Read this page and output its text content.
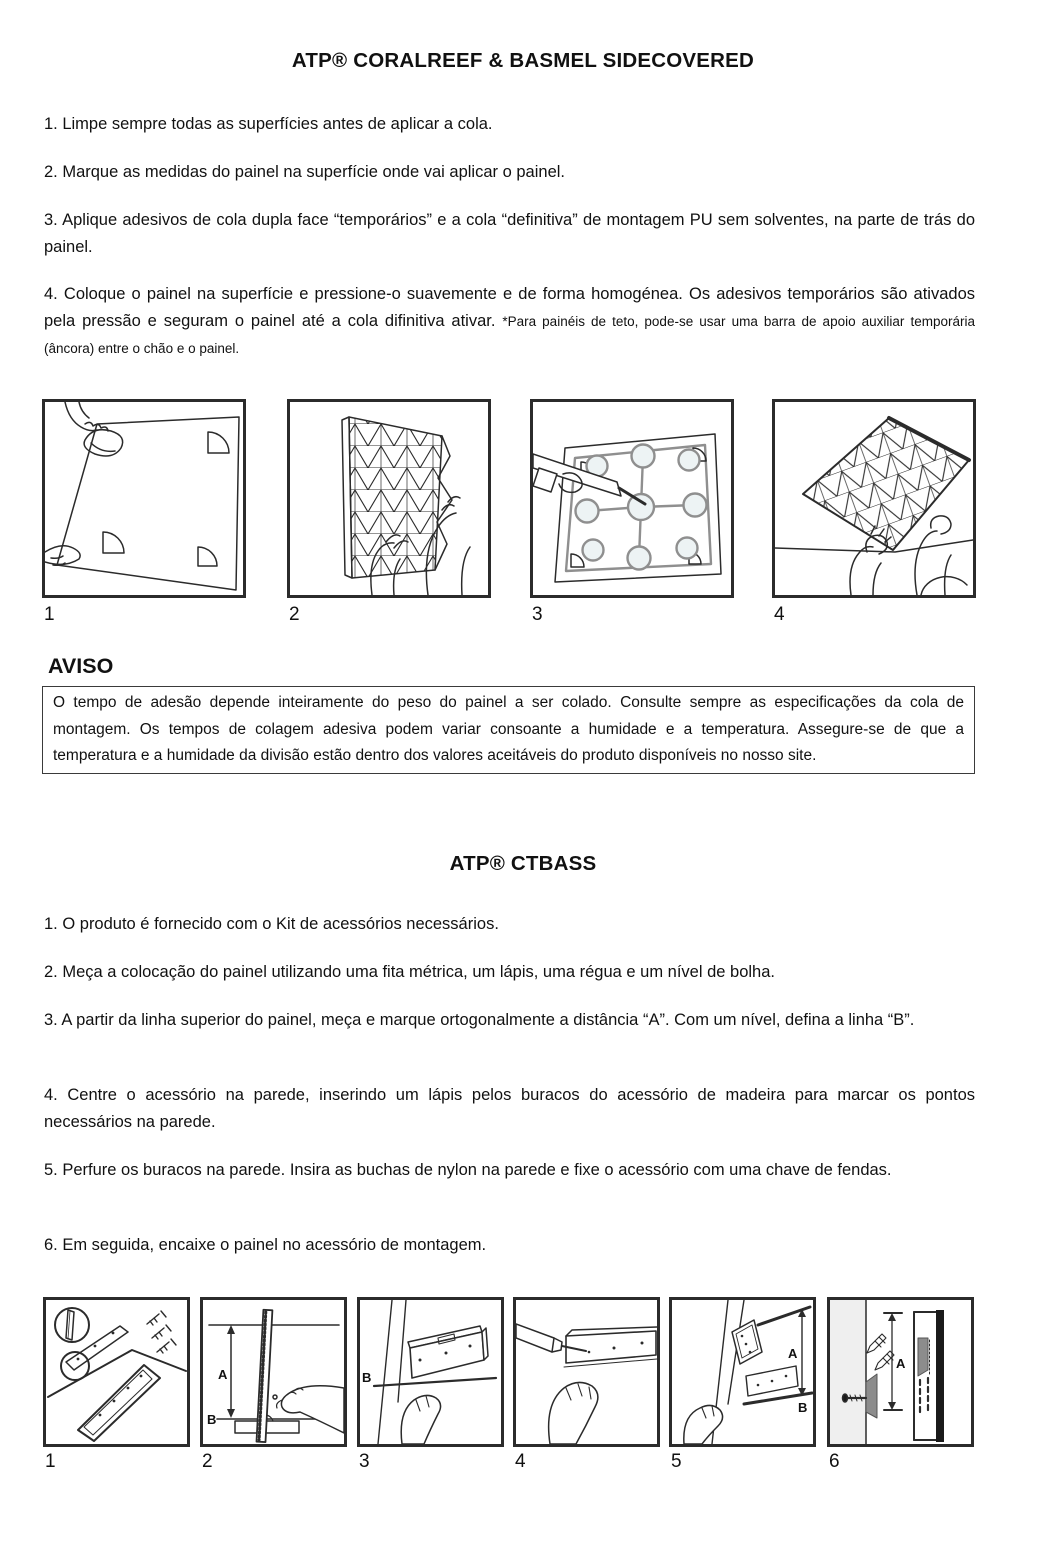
ATP® CORALREEF & BASMEL SIDECOVERED

1. Limpe sempre todas as superfícies antes de aplicar a cola.

2. Marque as medidas do painel na superfície onde vai aplicar o painel.

3. Aplique adesivos de cola dupla face “temporários” e a cola “definitiva” de montagem PU sem solventes, na parte de trás do painel.

4. Coloque o painel na superfície e pressione-o suavemente e de forma homogénea. Os adesivos temporários são ativados pela pressão e seguram o painel até a cola difinitiva ativar. *Para painéis de teto, pode-se usar uma barra de apoio auxiliar temporária (âncora) entre o chão e o painel.

1	2	3	4
AVISO
O tempo de adesão depende inteiramente do peso do painel a ser colado. Consulte sempre as especificações da cola de montagem. Os tempos de colagem adesiva podem variar consoante a humidade e a temperatura. Assegure-se de que a temperatura e a humidade da divisão estão dentro dos valores aceitáveis do produto disponíveis no nosso site.
ATP® CTBASS

1. O produto é fornecido com o Kit de acessórios necessários.

2. Meça a colocação do painel utilizando uma fita métrica, um lápis, uma régua e um nível de bolha.

3. A partir da linha superior do painel, meça e marque ortogonalmente a distância “A”. Com um nível, defina a linha “B”.

4. Centre o acessório na parede, inserindo um lápis pelos buracos do acessório de madeira para marcar os pontos necessários na parede.

5. Perfure os buracos na parede. Insira as buchas de nylon na parede e fixe o acessório com uma chave de fendas.

6. Em seguida, encaixe o painel no acessório de montagem.

A
B
B
A
B
A
1	2	3	4	5	6
